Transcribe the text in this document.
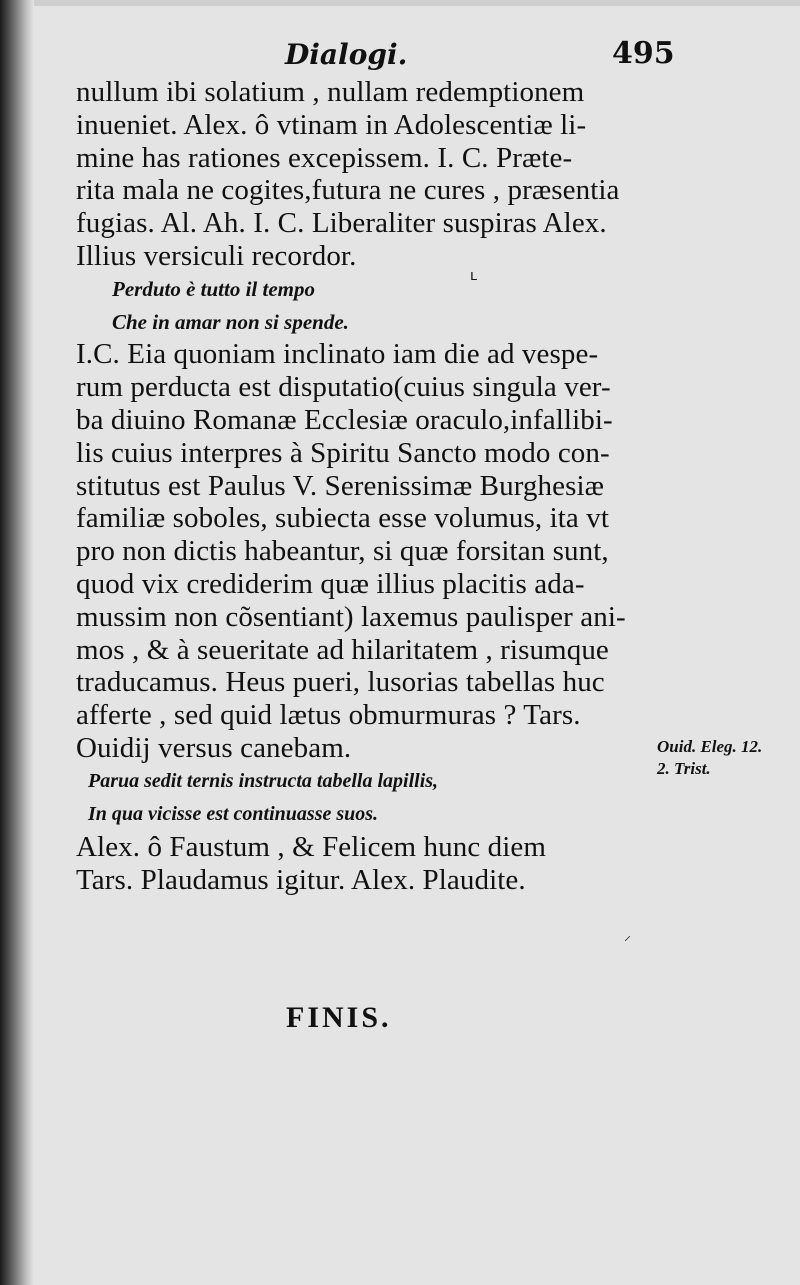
Dialogi.	495
nullum ibi solatium , nullam redemptionem
inueniet. Alex. ô vtinam in Adolescentiæ li-
mine has rationes excepissem. I. C. Præte-
rita mala ne cogites,futura ne cures , præsentia
fugias. Al. Ah. I. C. Liberaliter suspiras Alex.
Illius versiculi recordor.
Perduto è tutto il tempo
Che in amar non si spende.
I.C. Eia quoniam inclinato iam die ad vespe-
rum perducta est disputatio(cuius singula ver-
ba diuino Romanæ Ecclesiæ oraculo,infallibi-
lis cuius interpres à Spiritu Sancto modo con-
stitutus est Paulus V. Serenissimæ Burghesiæ
familiæ soboles, subiecta esse volumus, ita vt
pro non dictis habeantur, si quæ forsitan sunt,
quod vix crediderim quæ illius placitis ada-
mussim non cõsentiant) laxemus paulisper ani-
mos , & à seueritate ad hilaritatem , risumque
traducamus. Heus pueri, lusorias tabellas huc
afferte , sed quid lætus obmurmuras ? Tars.
Ouidij versus canebam.
Parua sedit ternis instructa tabella lapillis,
In qua vicisse est continuasse suos.
Alex. ô Faustum , & Felicem hunc diem
Tars. Plaudamus igitur. Alex. Plaudite.
Ouid. Eleg. 12.
2. Trist.
FINIS.
ʟ
⸝
